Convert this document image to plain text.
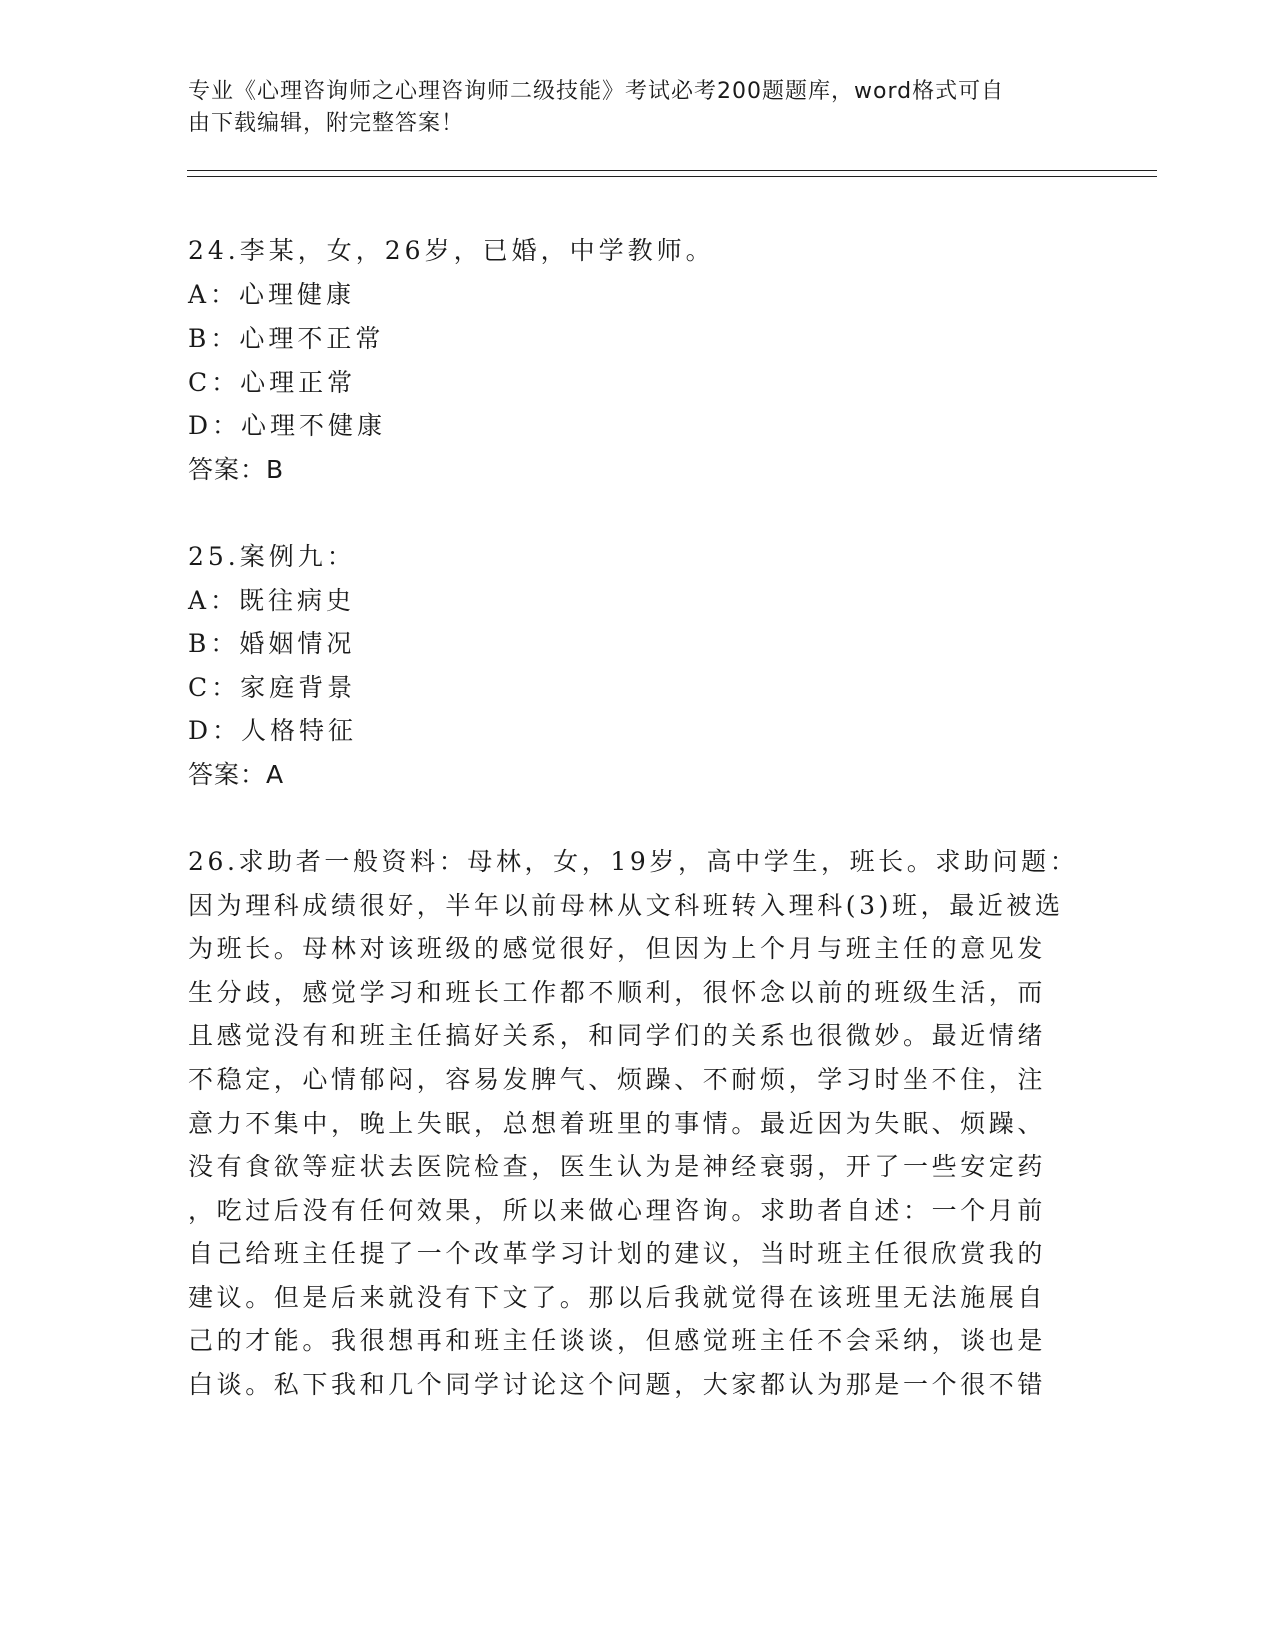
专业《心理咨询师之心理咨询师二级技能》考试必考200题题库，word格式可自
由下载编辑，附完整答案！
24.李某，女，26岁，已婚，中学教师。
A：心理健康
B：心理不正常
C：心理正常
D：心理不健康
答案：B
25.案例九：
A：既往病史
B：婚姻情况
C：家庭背景
D：人格特征
答案：A
26.求助者一般资料：母林，女，19岁，高中学生，班长。求助问题：
因为理科成绩很好，半年以前母林从文科班转入理科(3)班，最近被选
为班长。母林对该班级的感觉很好，但因为上个月与班主任的意见发
生分歧，感觉学习和班长工作都不顺利，很怀念以前的班级生活，而
且感觉没有和班主任搞好关系，和同学们的关系也很微妙。最近情绪
不稳定，心情郁闷，容易发脾气、烦躁、不耐烦，学习时坐不住，注
意力不集中，晚上失眠，总想着班里的事情。最近因为失眠、烦躁、
没有食欲等症状去医院检查，医生认为是神经衰弱，开了一些安定药
，吃过后没有任何效果，所以来做心理咨询。求助者自述：一个月前
自己给班主任提了一个改革学习计划的建议，当时班主任很欣赏我的
建议。但是后来就没有下文了。那以后我就觉得在该班里无法施展自
己的才能。我很想再和班主任谈谈，但感觉班主任不会采纳，谈也是
白谈。私下我和几个同学讨论这个问题，大家都认为那是一个很不错
